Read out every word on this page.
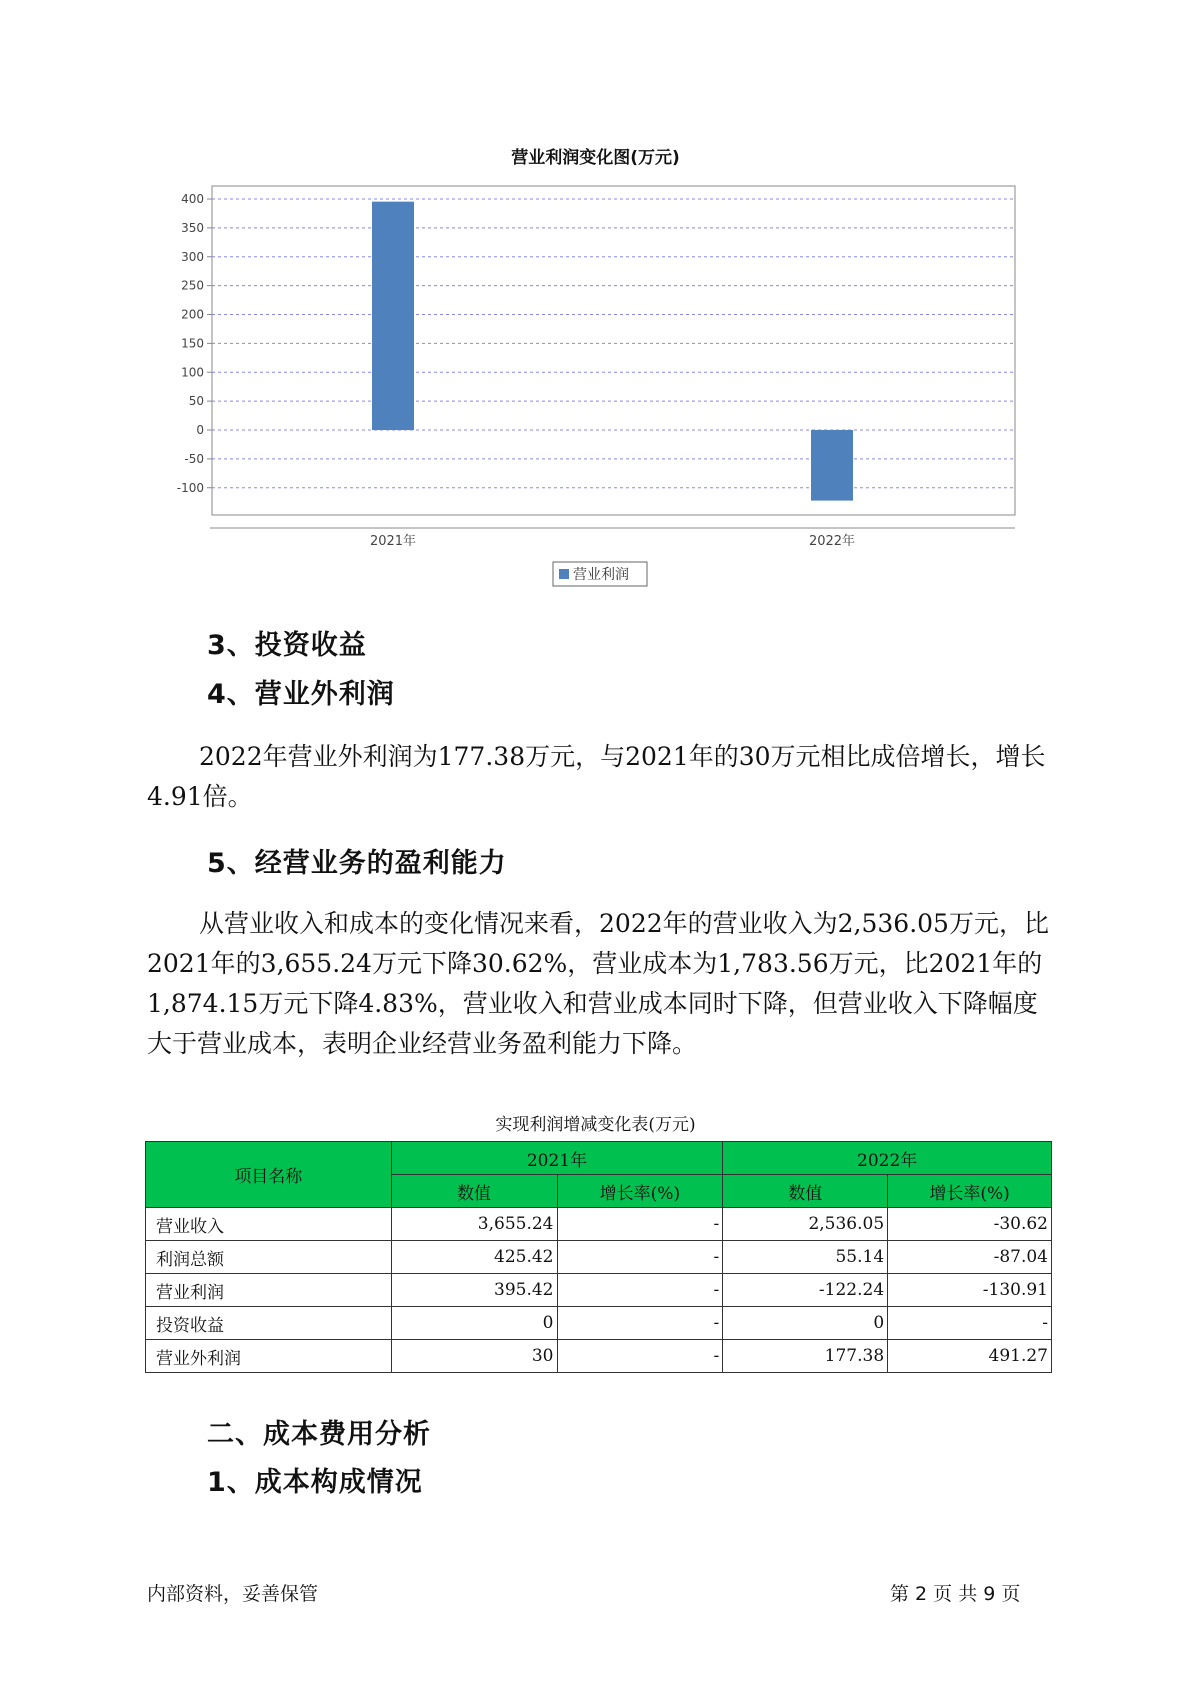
营业利润变化图(万元)
400
350
300
250
200
150
100
50
0
-50
-100
2021年	2022年
营业利润
3、投资收益
4、营业外利润
2022年营业外利润为177.38万元，与2021年的30万元相比成倍增长，增长4.91倍。
5、经营业务的盈利能力
从营业收入和成本的变化情况来看，2022年的营业收入为2,536.05万元，比2021年的3,655.24万元下降30.62%，营业成本为1,783.56万元，比2021年的1,874.15万元下降4.83%，营业收入和营业成本同时下降，但营业收入下降幅度大于营业成本，表明企业经营业务盈利能力下降。
实现利润增减变化表(万元)
项目名称	2021年		2022年	
	数值	增长率(%)	数值	增长率(%)
营业收入	3,655.24	-	2,536.05	-30.62
利润总额	425.42	-	55.14	-87.04
营业利润	395.42	-	-122.24	-130.91
投资收益	0	-	0	-
营业外利润	30	-	177.38	491.27
二、成本费用分析
1、成本构成情况
内部资料，妥善保管	第 2 页 共 9 页
